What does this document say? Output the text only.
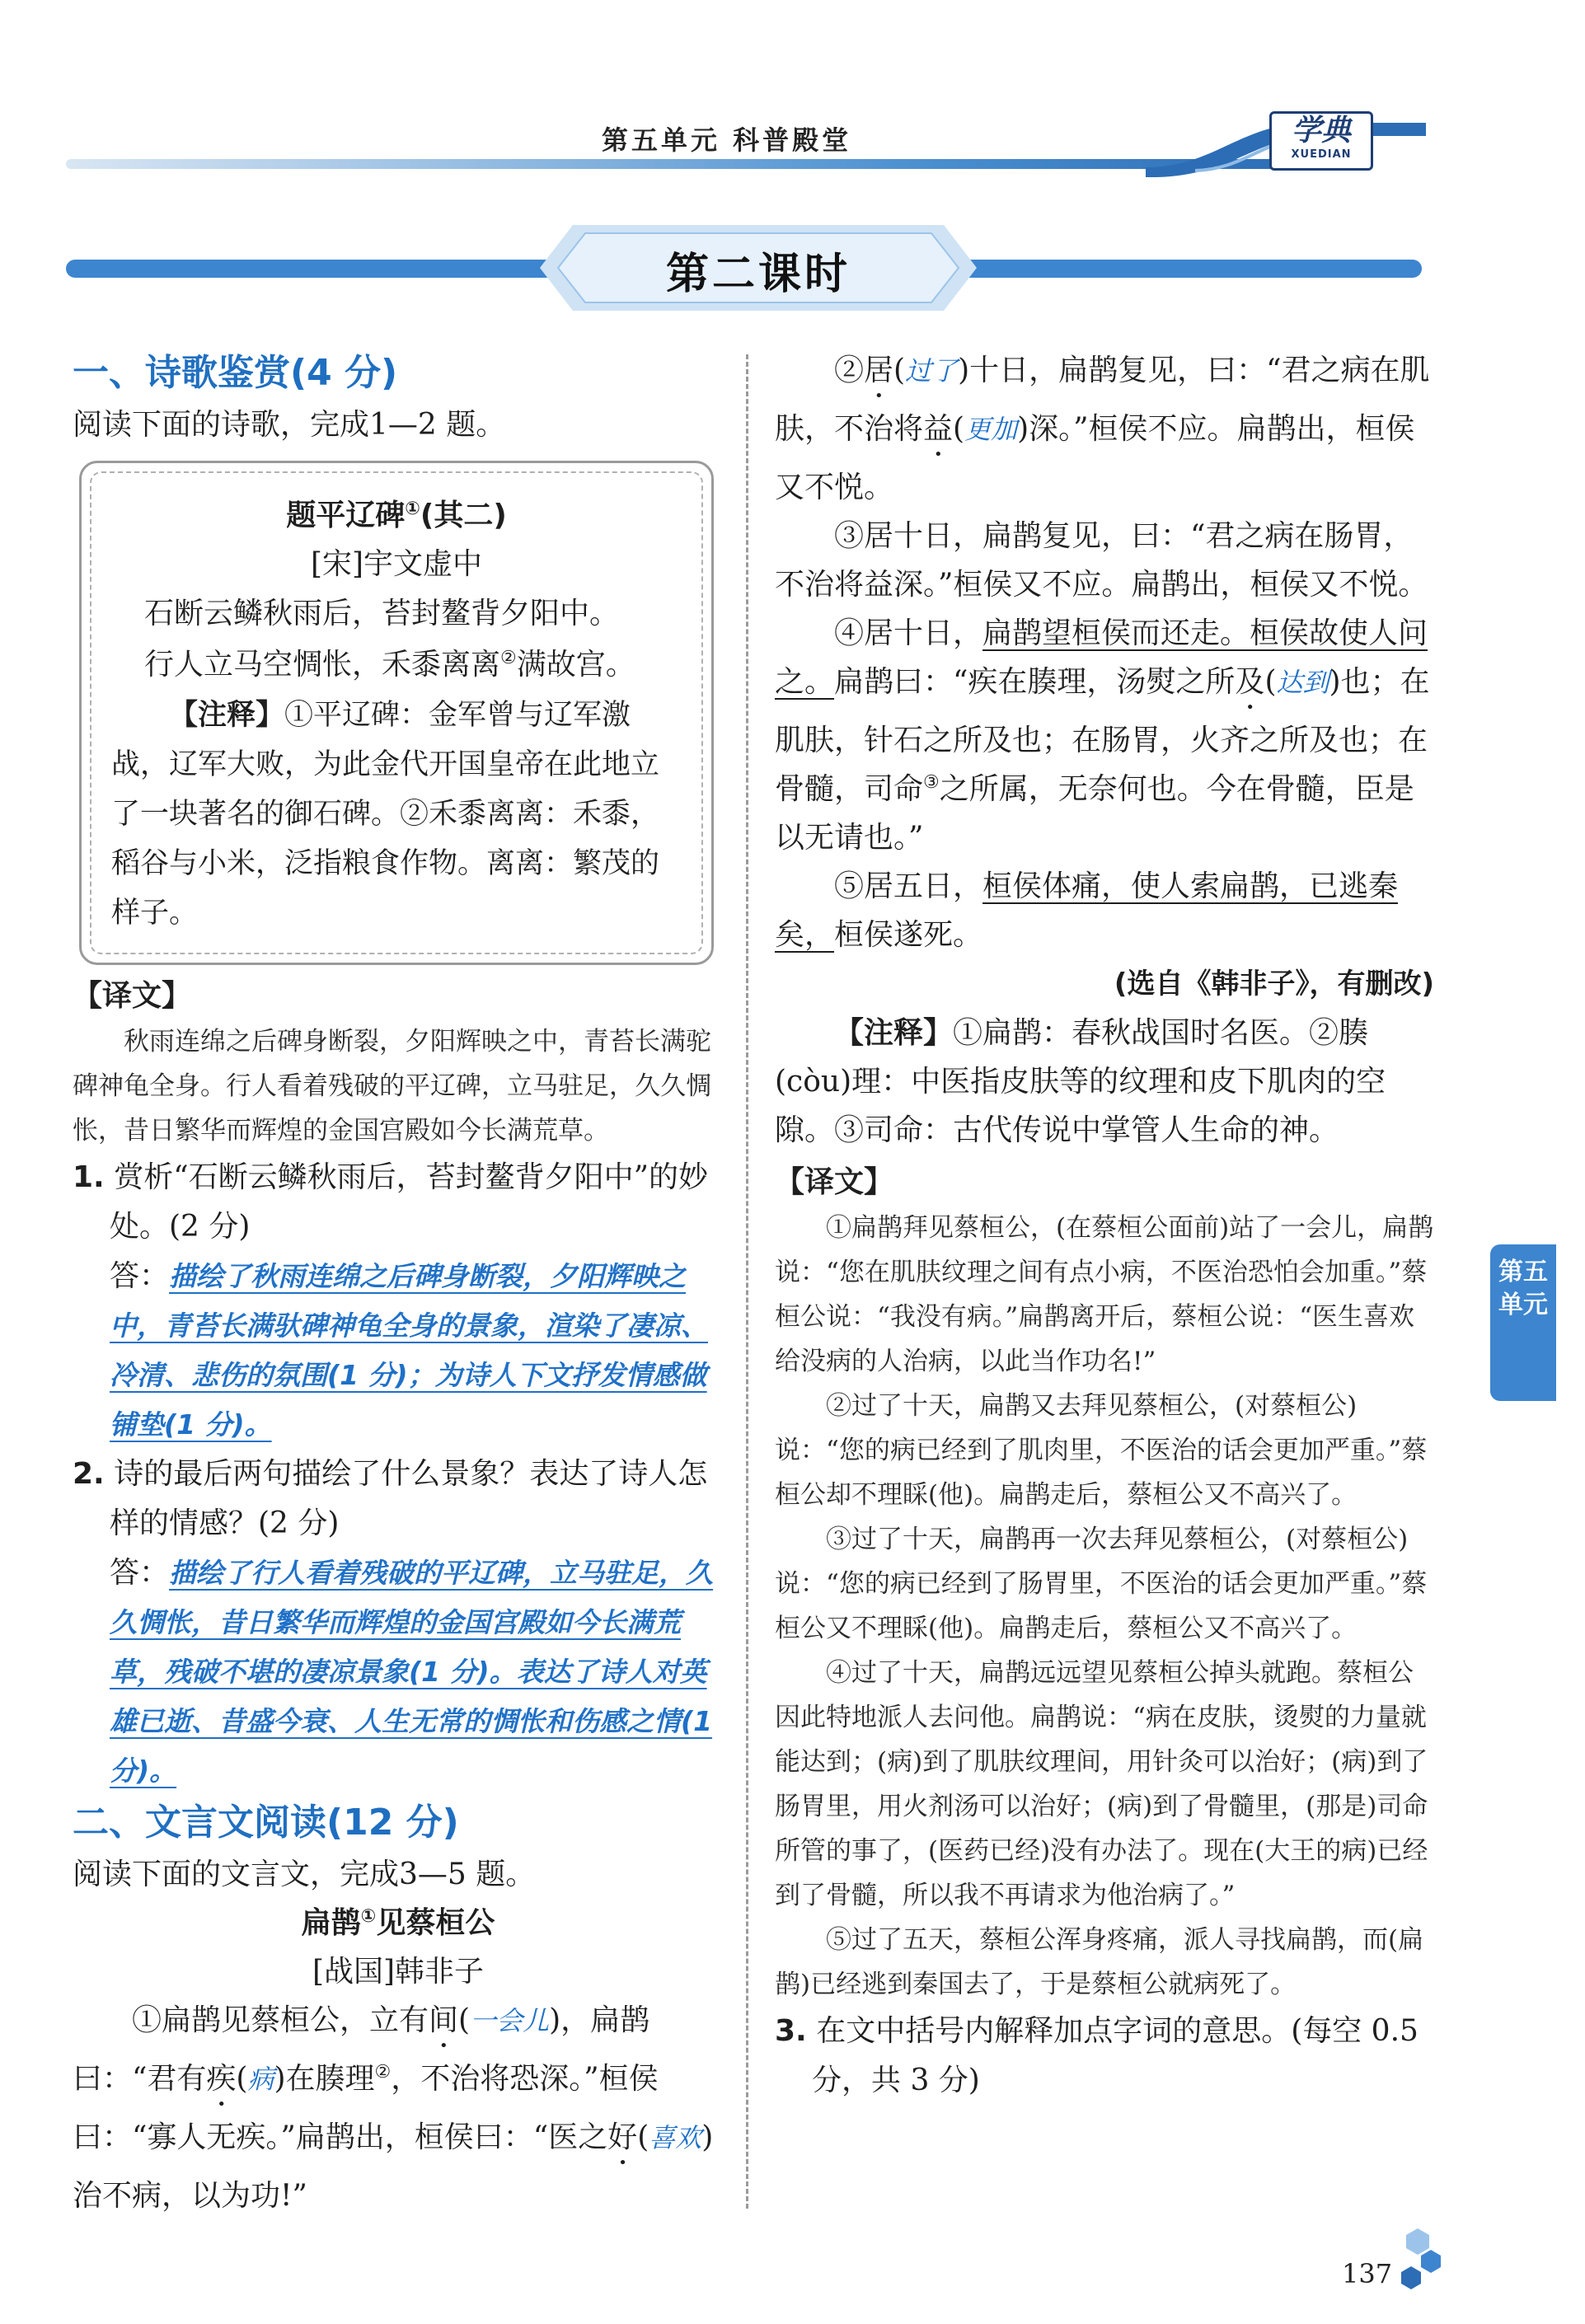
第五单元 科普殿堂	学典
XUEDIAN
第二课时
一、诗歌鉴赏(4 分)

阅读下面的诗歌，完成1—2 题。

题平辽碑①(其二)
[宋]宇文虚中
石断云鳞秋雨后，苔封鳌背夕阳中。
行人立马空惆怅，禾黍离离②满故宫。
【注释】①平辽碑：金军曾与辽军激战，辽军大败，为此金代开国皇帝在此地立了一块著名的御石碑。②禾黍离离：禾黍，稻谷与小米，泛指粮食作物。离离：繁茂的样子。

【译文】

秋雨连绵之后碑身断裂，夕阳辉映之中，青苔长满驼碑神龟全身。行人看着残破的平辽碑，立马驻足，久久惆怅，昔日繁华而辉煌的金国宫殿如今长满荒草。

1. 赏析“石断云鳞秋雨后，苔封鳌背夕阳中”的妙处。(2 分)

答：描绘了秋雨连绵之后碑身断裂，夕阳辉映之中，青苔长满驮碑神龟全身的景象，渲染了凄凉、冷清、悲伤的氛围(1 分)；为诗人下文抒发情感做铺垫(1 分)。

2. 诗的最后两句描绘了什么景象？表达了诗人怎样的情感？(2 分)

答：描绘了行人看着残破的平辽碑，立马驻足，久久惆怅，昔日繁华而辉煌的金国宫殿如今长满荒草，残破不堪的凄凉景象(1 分)。表达了诗人对英雄已逝、昔盛今衰、人生无常的惆怅和伤感之情(1 分)。

二、文言文阅读(12 分)

阅读下面的文言文，完成3—5 题。

扁鹊①见蔡桓公

[战国]韩非子

①扁鹊见蔡桓公，立有间(一会儿)，扁鹊曰：“君有疾(病)在腠理②，不治将恐深。”桓侯曰：“寡人无疾。”扁鹊出，桓侯曰：“医之好(喜欢)治不病，以为功!”

②居(过了)十日，扁鹊复见，曰：“君之病在肌肤，不治将益(更加)深。”桓侯不应。扁鹊出，桓侯又不悦。

③居十日，扁鹊复见，曰：“君之病在肠胃，不治将益深。”桓侯又不应。扁鹊出，桓侯又不悦。

④居十日，扁鹊望桓侯而还走。桓侯故使人问之。扁鹊曰：“疾在腠理，汤熨之所及(达到)也；在肌肤，针石之所及也；在肠胃，火齐之所及也；在骨髓，司命③之所属，无奈何也。今在骨髓，臣是以无请也。”

⑤居五日，桓侯体痛，使人索扁鹊，已逃秦矣，桓侯遂死。

(选自《韩非子》，有删改)

【注释】①扁鹊：春秋战国时名医。②腠(còu)理：中医指皮肤等的纹理和皮下肌肉的空隙。③司命：古代传说中掌管人生命的神。

【译文】

①扁鹊拜见蔡桓公，(在蔡桓公面前)站了一会儿，扁鹊说：“您在肌肤纹理之间有点小病，不医治恐怕会加重。”蔡桓公说：“我没有病。”扁鹊离开后，蔡桓公说：“医生喜欢给没病的人治病，以此当作功名!”

②过了十天，扁鹊又去拜见蔡桓公，(对蔡桓公)说：“您的病已经到了肌肉里，不医治的话会更加严重。”蔡桓公却不理睬(他)。扁鹊走后，蔡桓公又不高兴了。

③过了十天，扁鹊再一次去拜见蔡桓公，(对蔡桓公)说：“您的病已经到了肠胃里，不医治的话会更加严重。”蔡桓公又不理睬(他)。扁鹊走后，蔡桓公又不高兴了。

④过了十天，扁鹊远远望见蔡桓公掉头就跑。蔡桓公因此特地派人去问他。扁鹊说：“病在皮肤，烫熨的力量就能达到；(病)到了肌肤纹理间，用针灸可以治好；(病)到了肠胃里，用火剂汤可以治好；(病)到了骨髓里，(那是)司命所管的事了，(医药已经)没有办法了。现在(大王的病)已经到了骨髓，所以我不再请求为他治病了。”

⑤过了五天，蔡桓公浑身疼痛，派人寻找扁鹊，而(扁鹊)已经逃到秦国去了，于是蔡桓公就病死了。

3. 在文中括号内解释加点字词的意思。(每空 0.5 分，共 3 分)

第五单元
137
